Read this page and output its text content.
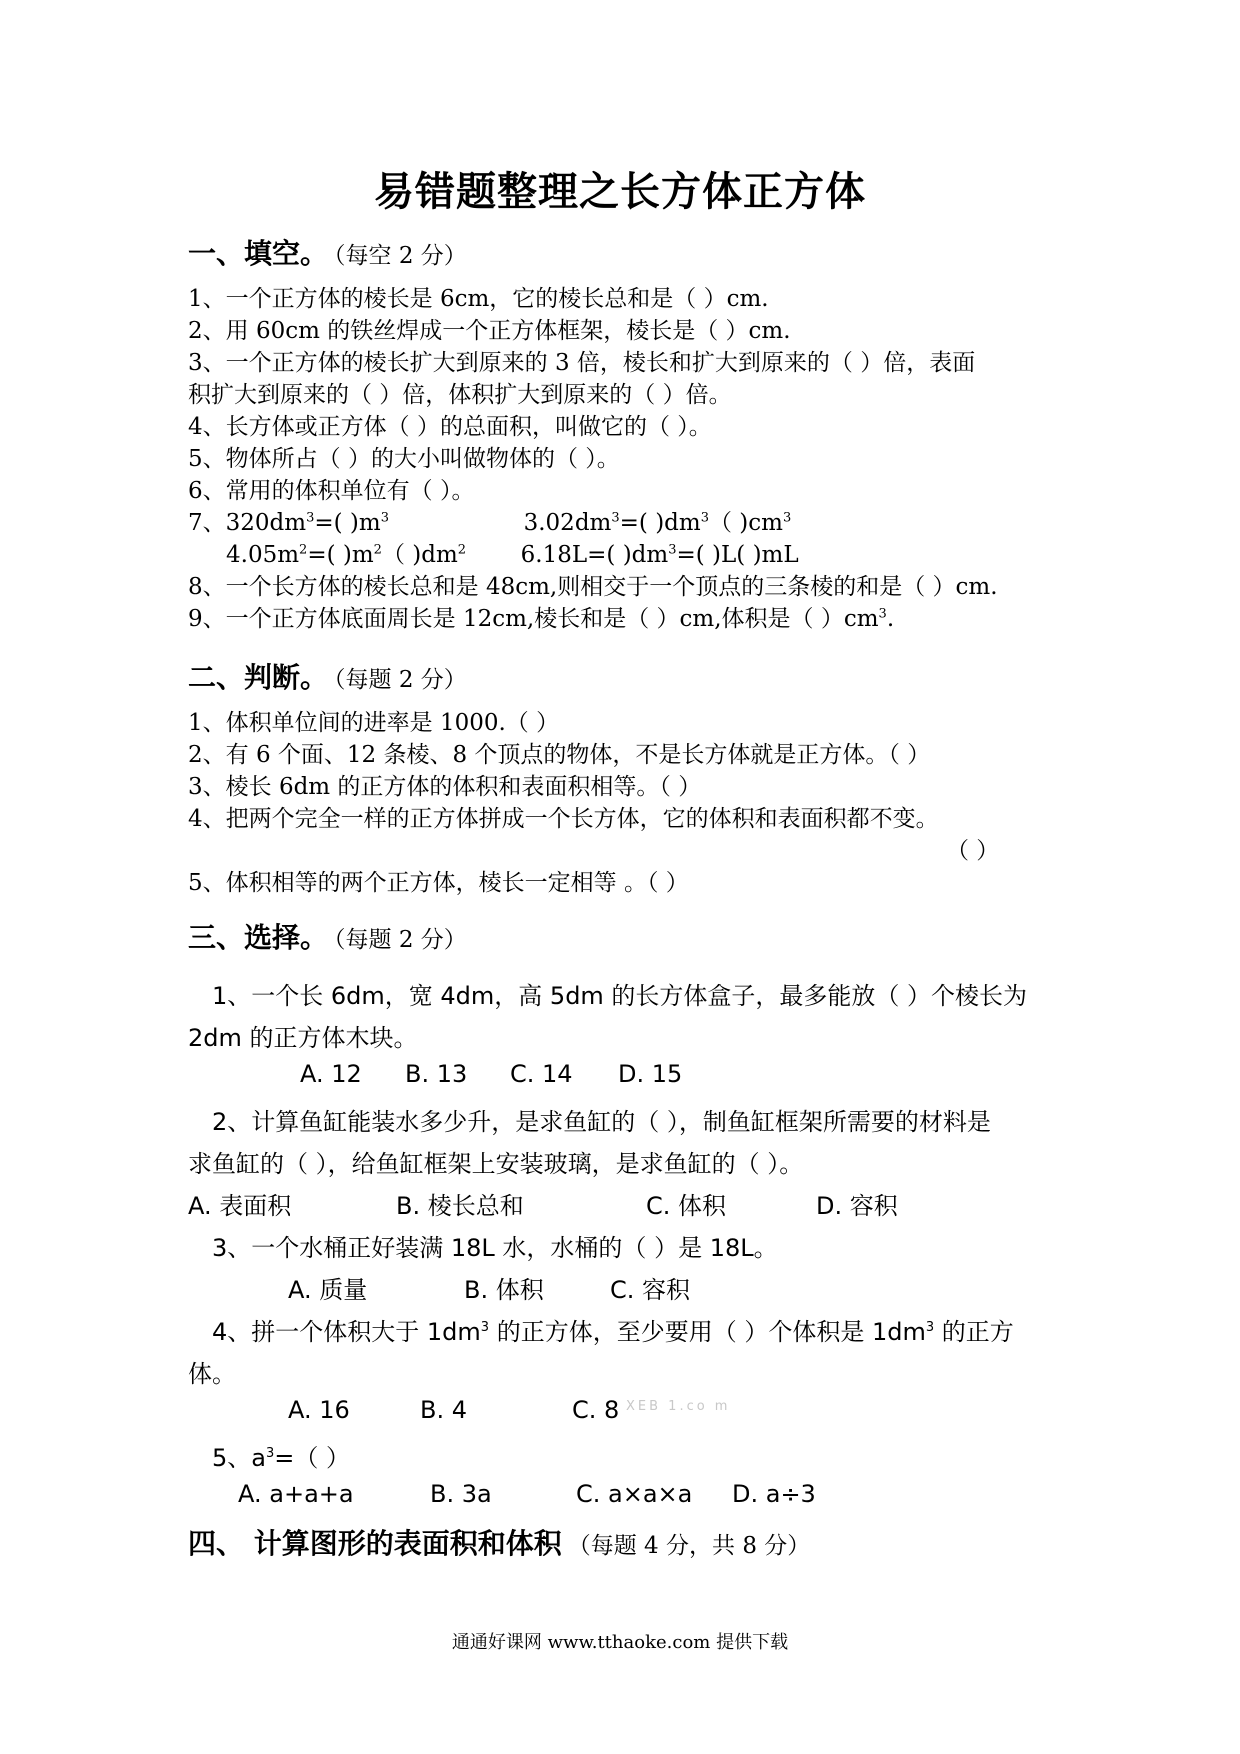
易错题整理之长方体正方体
一、填空。 （每空 2 分）
1、一个正方体的棱长是 6cm，它的棱长总和是（ ）cm.
2、用 60cm 的铁丝焊成一个正方体框架，棱长是（ ）cm.
3、一个正方体的棱长扩大到原来的 3 倍，棱长和扩大到原来的（ ）倍，表面
积扩大到原来的（ ）倍，体积扩大到原来的（ ）倍。
4、长方体或正方体（ ）的总面积，叫做它的（ ）。
5、物体所占（ ）的大小叫做物体的（ ）。
6、常用的体积单位有（ ）。
7、$320dm^3=$( )$m^3$	$3.02dm^3=$( )$dm^3$（ )$cm^3$
$4.05m^2=$( )$m^2$（ )$dm^2$ 6.18L=( )$dm^3=$( )L( )mL
8、一个长方体的棱长总和是 48cm,则相交于一个顶点的三条棱的和是（ ）cm.
9、一个正方体底面周长是 12cm,棱长和是（ ）cm,体积是（ ）$cm^3$.
二、判断。 （每题 2 分）
1、体积单位间的进率是 1000.（ ）
2、有 6 个面、12 条棱、8 个顶点的物体，不是长方体就是正方体。（ ）
3、棱长 6dm 的正方体的体积和表面积相等。（ ）
4、把两个完全一样的正方体拼成一个长方体，它的体积和表面积都不变。
（ ）
5、体积相等的两个正方体，棱长一定相等 。（ ）
三、选择。 （每题 2 分）
1、一个长 6dm，宽 4dm，高 5dm 的长方体盒子，最多能放（ ）个棱长为
2dm 的正方体木块。
A. 12 B. 13 C. 14 D. 15
2、计算鱼缸能装水多少升，是求鱼缸的（ ），制鱼缸框架所需要的材料是
求鱼缸的（ ），给鱼缸框架上安装玻璃，是求鱼缸的（ ）。
A. 表面积	B. 棱长总和	C. 体积	D. 容积
3、一个水桶正好装满 18L 水，水桶的（ ）是 18L。
A. 质量	B. 体积	C. 容积
4、拼一个体积大于 $1dm^3$ 的正方体，至少要用（ ）个体积是 $1dm^3$ 的正方
体。
A. 16	B. 4	C. 8 XEB 1.co m
5、$a^3=$（ ）
A. a+a+a	B. 3a	C. a×a×a D. a÷3
四、 计算图形的表面积和体积 （每题 4 分，共 8 分）
通通好课网 www.tthaoke.com 提供下载
